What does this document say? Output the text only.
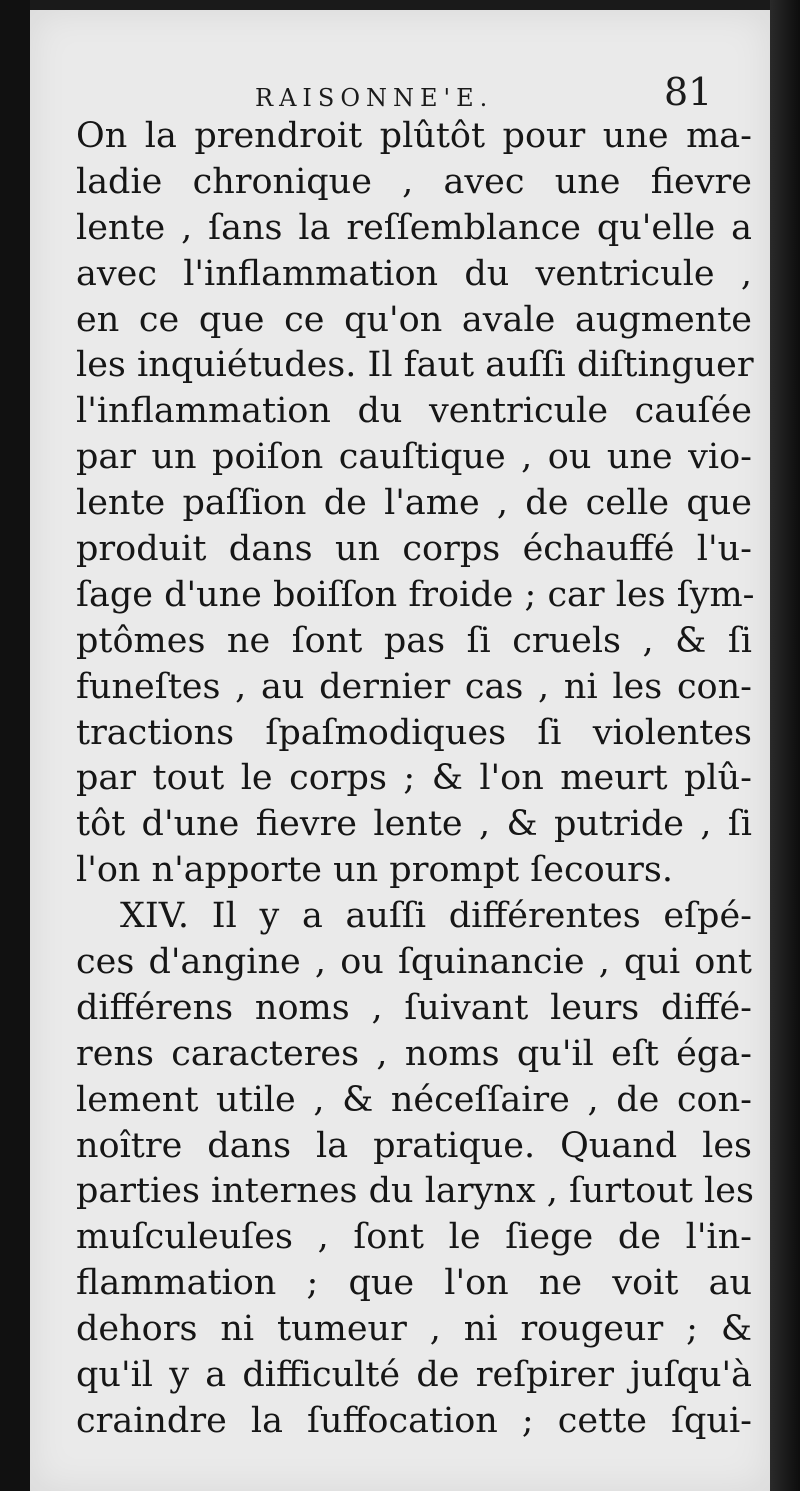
RAISONNE'E.	81
On la prendroit plûtôt pour une ma-
ladie chronique , avec une fievre
lente , ſans la reſſemblance qu'elle a
avec l'inflammation du ventricule ,
en ce que ce qu'on avale augmente
les inquiétudes. Il faut auſſi diſtinguer
l'inflammation du ventricule cauſée
par un poiſon cauſtique , ou une vio-
lente paſſion de l'ame , de celle que
produit dans un corps échauffé l'u-
ſage d'une boiſſon froide ; car les ſym-
ptômes ne ſont pas ſi cruels , & ſi
funeſtes , au dernier cas , ni les con-
tractions ſpaſmodiques ſi violentes
par tout le corps ; & l'on meurt plû-
tôt d'une fievre lente , & putride , ſi
l'on n'apporte un prompt ſecours.
XIV. Il y a auſſi différentes eſpé-
ces d'angine , ou ſquinancie , qui ont
différens noms , ſuivant leurs diffé-
rens caracteres , noms qu'il eſt éga-
lement utile , & néceſſaire , de con-
noître dans la pratique. Quand les
parties internes du larynx , ſurtout les
muſculeuſes , ſont le ſiege de l'in-
flammation ; que l'on ne voit au
dehors ni tumeur , ni rougeur ; &
qu'il y a difficulté de reſpirer juſqu'à
craindre la ſuffocation ; cette ſqui-
